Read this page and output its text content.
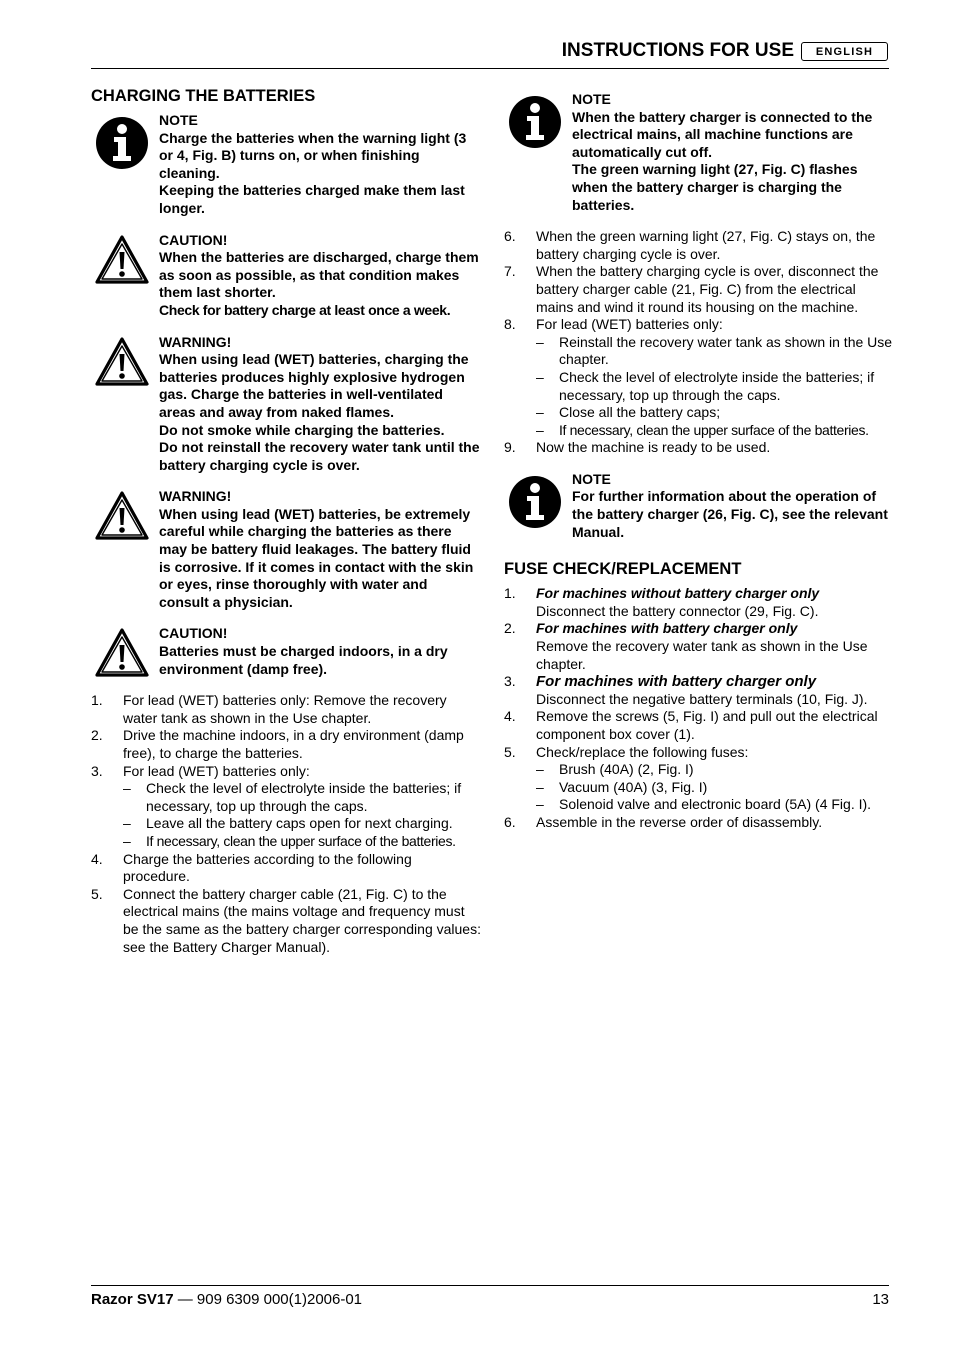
INSTRUCTIONS FOR USE	ENGLISH
CHARGING THE BATTERIES
NOTE

Charge the batteries when the warning light (3 or 4, Fig. B) turns on, or when finishing cleaning.

Keeping the batteries charged make them last longer.

CAUTION!

When the batteries are discharged, charge them as soon as possible, as that condition makes them last shorter.

Check for battery charge at least once a week.

WARNING!

When using lead (WET) batteries, charging the batteries produces highly explosive hydrogen gas. Charge the batteries in well-ventilated areas and away from naked flames.

Do not smoke while charging the batteries.

Do not reinstall the recovery water tank until the battery charging cycle is over.

WARNING!

When using lead (WET) batteries, be extremely careful while charging the batteries as there may be battery fluid leakages. The battery fluid is corrosive. If it comes in contact with the skin or eyes, rinse thoroughly with water and consult a physician.

CAUTION!

Batteries must be charged indoors, in a dry environment (damp free).

1. For lead (WET) batteries only: Remove the recovery water tank as shown in the Use chapter.
2. Drive the machine indoors, in a dry environment (damp free), to charge the batteries.
3. For lead (WET) batteries only:
– Check the level of electrolyte inside the batteries; if necessary, top up through the caps.
– Leave all the battery caps open for next charging.
– If necessary, clean the upper surface of the batteries.
4. Charge the batteries according to the following procedure.
5. Connect the battery charger cable (21, Fig. C) to the electrical mains (the mains voltage and frequency must be the same as the battery charger corresponding values: see the Battery Charger Manual).
NOTE

When the battery charger is connected to the electrical mains, all machine functions are automatically cut off.

The green warning light (27, Fig. C) flashes when the battery charger is charging the batteries.

6. When the green warning light (27, Fig. C) stays on, the battery charging cycle is over.
7. When the battery charging cycle is over, disconnect the battery charger cable (21, Fig. C) from the electrical mains and wind it round its housing on the machine.
8. For lead (WET) batteries only:
– Reinstall the recovery water tank as shown in the Use chapter.
– Check the level of electrolyte inside the batteries; if necessary, top up through the caps.
– Close all the battery caps;
– If necessary, clean the upper surface of the batteries.
9. Now the machine is ready to be used.
NOTE

For further information about the operation of the battery charger (26, Fig. C), see the relevant Manual.

FUSE CHECK/REPLACEMENT
1. For machines without battery charger only
Disconnect the battery connector (29, Fig. C).
2. For machines with battery charger only
Remove the recovery water tank as shown in the Use chapter.
3. For machines with battery charger only
Disconnect the negative battery terminals (10, Fig. J).
4. Remove the screws (5, Fig. I) and pull out the electrical component box cover (1).
5. Check/replace the following fuses:
– Brush (40A) (2, Fig. I)
– Vacuum (40A) (3, Fig. I)
– Solenoid valve and electronic board (5A) (4 Fig. I).
6. Assemble in the reverse order of disassembly.
Razor SV17 — 909 6309 000(1)2006-01	13
